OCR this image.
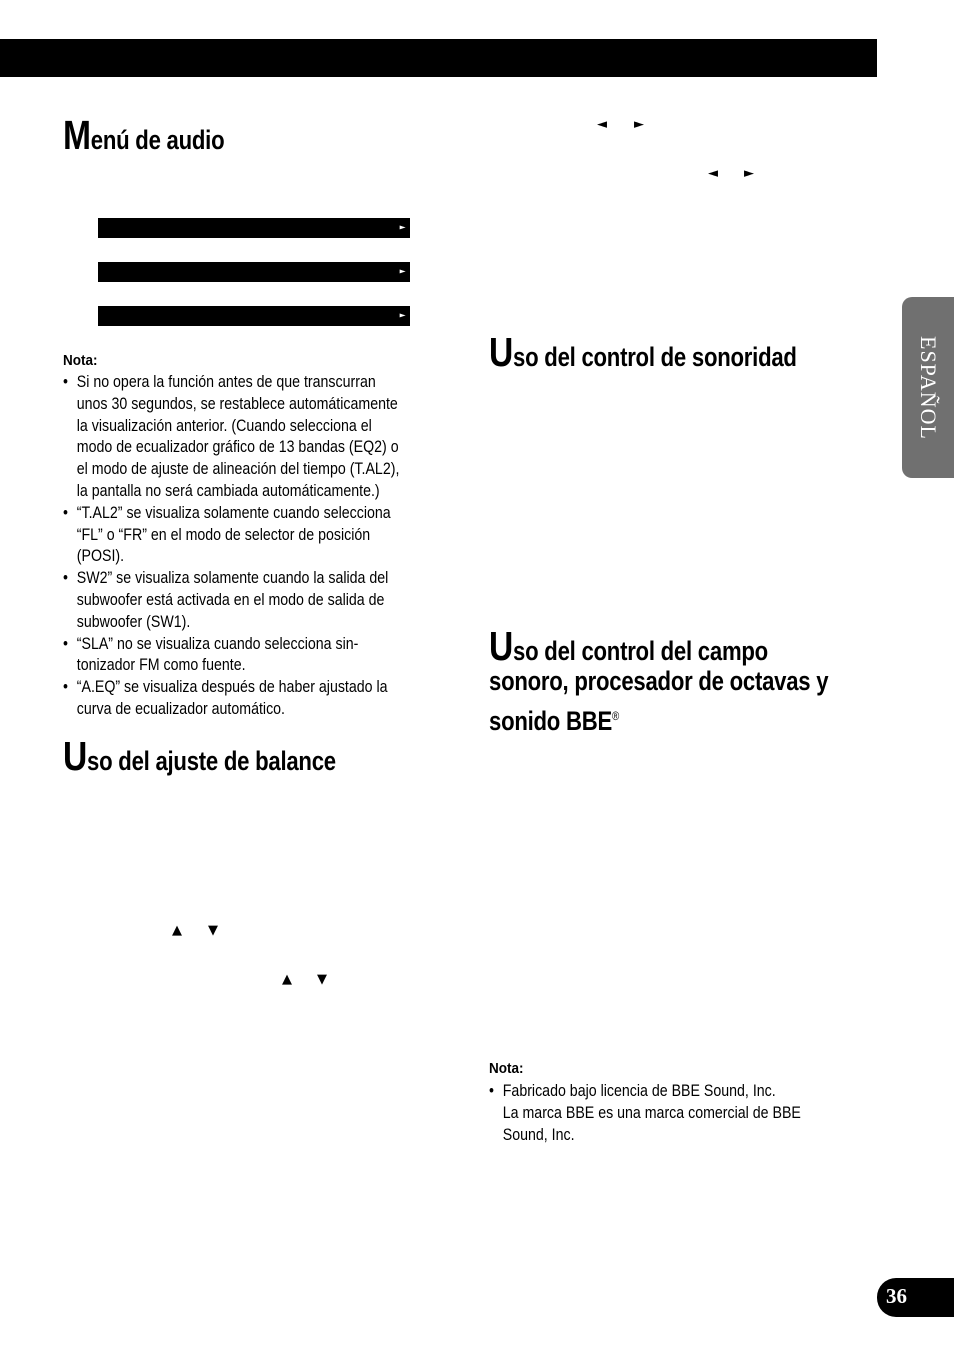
Menú de audio

F/B  LOUD  SFC  EQ1  EQ2  ASL
►

POSI  T.AL1  T.AL2  SW1  SW2  HPFF
►

HPFR  SLA  A.EQ  D.ATT
►

Nota:
• Si no opera la función antes de que transcurran
unos 30 segundos, se restablece automáticamente
la visualización anterior. (Cuando selecciona el
modo de ecualizador gráfico de 13 bandas (EQ2) o
el modo de ajuste de alineación del tiempo (T.AL2),
la pantalla no será cambiada automáticamente.)
• “T.AL2” se visualiza solamente cuando selecciona
“FL” o “FR” en el modo de selector de posición
(POSI).
• SW2” se visualiza solamente cuando la salida del
subwoofer está activada en el modo de salida de
subwoofer (SW1).
• “SLA” no se visualiza cuando selecciona sin-
tonizador FM como fuente.
• “A.EQ” se visualiza después de haber ajustado la
curva de ecualizador automático.
Uso del ajuste de balance
▲ ▼
▲ ▼
◄ ►
◄ ►
Uso del control de sonoridad
Uso del control del campo
sonoro, procesador de octavas y
sonido BBE®
Nota:
• Fabricado bajo licencia de BBE Sound, Inc.
La marca BBE es una marca comercial de BBE
Sound, Inc.
ESPAÑOL
36
